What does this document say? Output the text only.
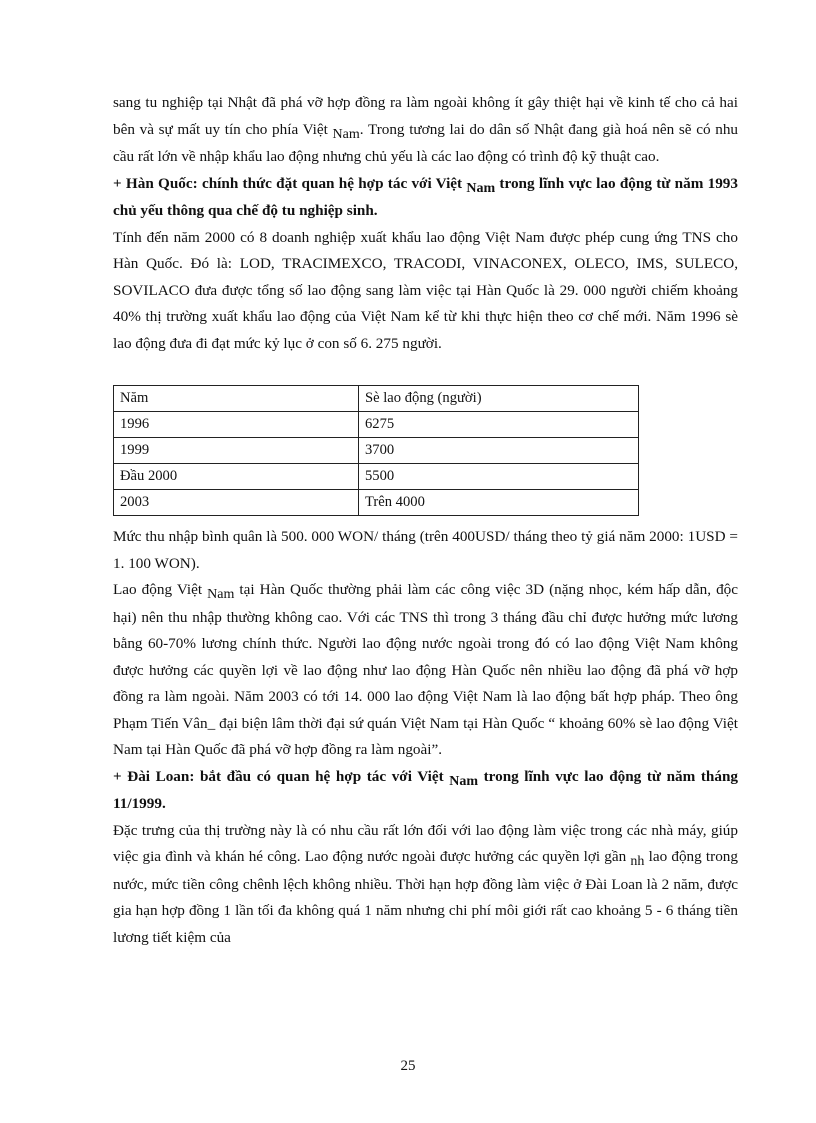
sang tu nghiệp tại Nhật đã phá vỡ hợp đồng ra làm ngoài không ít gây thiệt hại về kinh tế cho cả hai bên và sự mất uy tín cho phía Việt Nam. Trong tương lai do dân số Nhật đang già hoá nên sẽ có nhu cầu rất lớn về nhập khẩu lao động nhưng chủ yếu là các lao động có trình độ kỹ thuật cao.

+ Hàn Quốc: chính thức đặt quan hệ hợp tác với Việt Nam trong lĩnh vực lao động từ năm 1993 chủ yếu thông qua chế độ tu nghiệp sinh.

Tính đến năm 2000 có 8 doanh nghiệp xuất khẩu lao động Việt Nam được phép cung ứng TNS cho Hàn Quốc. Đó là: LOD, TRACIMEXCO, TRACODI, VINACONEX, OLECO, IMS, SULECO, SOVILACO đưa được tổng số lao động sang làm việc tại Hàn Quốc là 29. 000 người chiếm khoảng 40% thị trường xuất khẩu lao động của Việt Nam kể từ khi thực hiện theo cơ chế mới. Năm 1996 sè lao động đưa đi đạt mức kỷ lục ở con số 6. 275 người.

Năm	Sè lao động (người)
1996	6275
1999	3700
Đầu 2000	5500
2003	Trên 4000

Mức thu nhập bình quân là 500. 000 WON/ tháng (trên 400USD/ tháng theo tỷ giá năm 2000: 1USD = 1. 100 WON).

Lao động Việt Nam tại Hàn Quốc thường phải làm các công việc 3D (nặng nhọc, kém hấp dẫn, độc hại) nên thu nhập thường không cao. Với các TNS thì trong 3 tháng đầu chỉ được hưởng mức lương bằng 60-70% lương chính thức. Người lao động nước ngoài trong đó có lao động Việt Nam không được hưởng các quyền lợi về lao động như lao động Hàn Quốc nên nhiều lao động đã phá vỡ hợp đồng ra làm ngoài. Năm 2003 có tới 14. 000 lao động Việt Nam là lao động bất hợp pháp. Theo ông Phạm Tiến Vân_ đại biện lâm thời đại sứ quán Việt Nam tại Hàn Quốc “ khoảng 60% sè lao động Việt Nam tại Hàn Quốc đã phá vỡ hợp đồng ra làm ngoài”.

+ Đài Loan: bắt đầu có quan hệ hợp tác với Việt Nam trong lĩnh vực lao động từ năm tháng 11/1999.

Đặc trưng của thị trường này là có nhu cầu rất lớn đối với lao động làm việc trong các nhà máy, giúp việc gia đình và khán hé công. Lao động nước ngoài được hưởng các quyền lợi gần nh lao động trong nước, mức tiền công chênh lệch không nhiều. Thời hạn hợp đồng làm việc ở Đài Loan là 2 năm, được gia hạn hợp đồng 1 lần tối đa không quá 1 năm nhưng chi phí môi giới rất cao khoảng 5 - 6 tháng tiền lương tiết kiệm của

25
